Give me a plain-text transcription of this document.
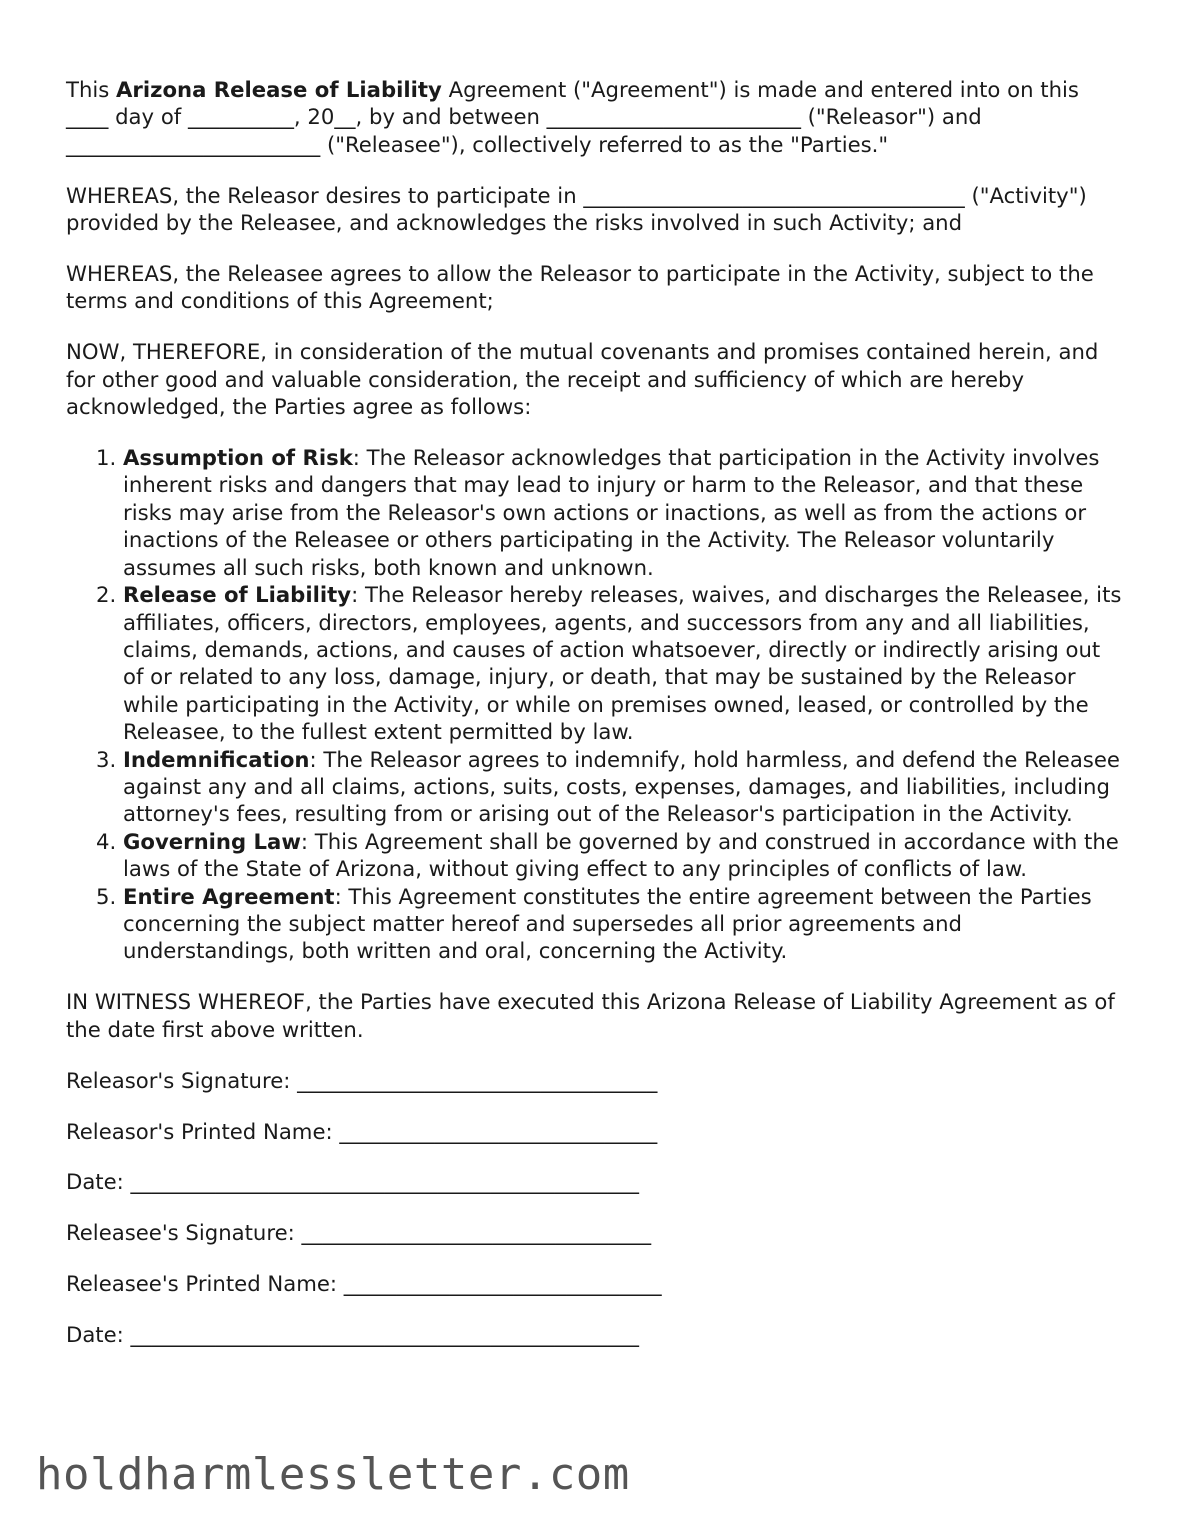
This Arizona Release of Liability Agreement ("Agreement") is made and entered into on this ____ day of __________, 20__, by and between ________________________ ("Releasor") and ________________________ ("Releasee"), collectively referred to as the "Parties."

WHEREAS, the Releasor desires to participate in ____________________________________ ("Activity") provided by the Releasee, and acknowledges the risks involved in such Activity; and

WHEREAS, the Releasee agrees to allow the Releasor to participate in the Activity, subject to the terms and conditions of this Agreement;

NOW, THEREFORE, in consideration of the mutual covenants and promises contained herein, and for other good and valuable consideration, the receipt and sufficiency of which are hereby acknowledged, the Parties agree as follows:

1. Assumption of Risk: The Releasor acknowledges that participation in the Activity involves inherent risks and dangers that may lead to injury or harm to the Releasor, and that these risks may arise from the Releasor's own actions or inactions, as well as from the actions or inactions of the Releasee or others participating in the Activity. The Releasor voluntarily assumes all such risks, both known and unknown.
2. Release of Liability: The Releasor hereby releases, waives, and discharges the Releasee, its affiliates, officers, directors, employees, agents, and successors from any and all liabilities, claims, demands, actions, and causes of action whatsoever, directly or indirectly arising out of or related to any loss, damage, injury, or death, that may be sustained by the Releasor while participating in the Activity, or while on premises owned, leased, or controlled by the Releasee, to the fullest extent permitted by law.
3. Indemnification: The Releasor agrees to indemnify, hold harmless, and defend the Releasee against any and all claims, actions, suits, costs, expenses, damages, and liabilities, including attorney's fees, resulting from or arising out of the Releasor's participation in the Activity.
4. Governing Law: This Agreement shall be governed by and construed in accordance with the laws of the State of Arizona, without giving effect to any principles of conflicts of law.
5. Entire Agreement: This Agreement constitutes the entire agreement between the Parties concerning the subject matter hereof and supersedes all prior agreements and understandings, both written and oral, concerning the Activity.

IN WITNESS WHEREOF, the Parties have executed this Arizona Release of Liability Agreement as of the date first above written.

Releasor's Signature: __________________________________
Releasor's Printed Name: ______________________________
Date: ________________________________________________
Releasee's Signature: _________________________________
Releasee's Printed Name: ______________________________
Date: ________________________________________________
holdharmlessletter.com
